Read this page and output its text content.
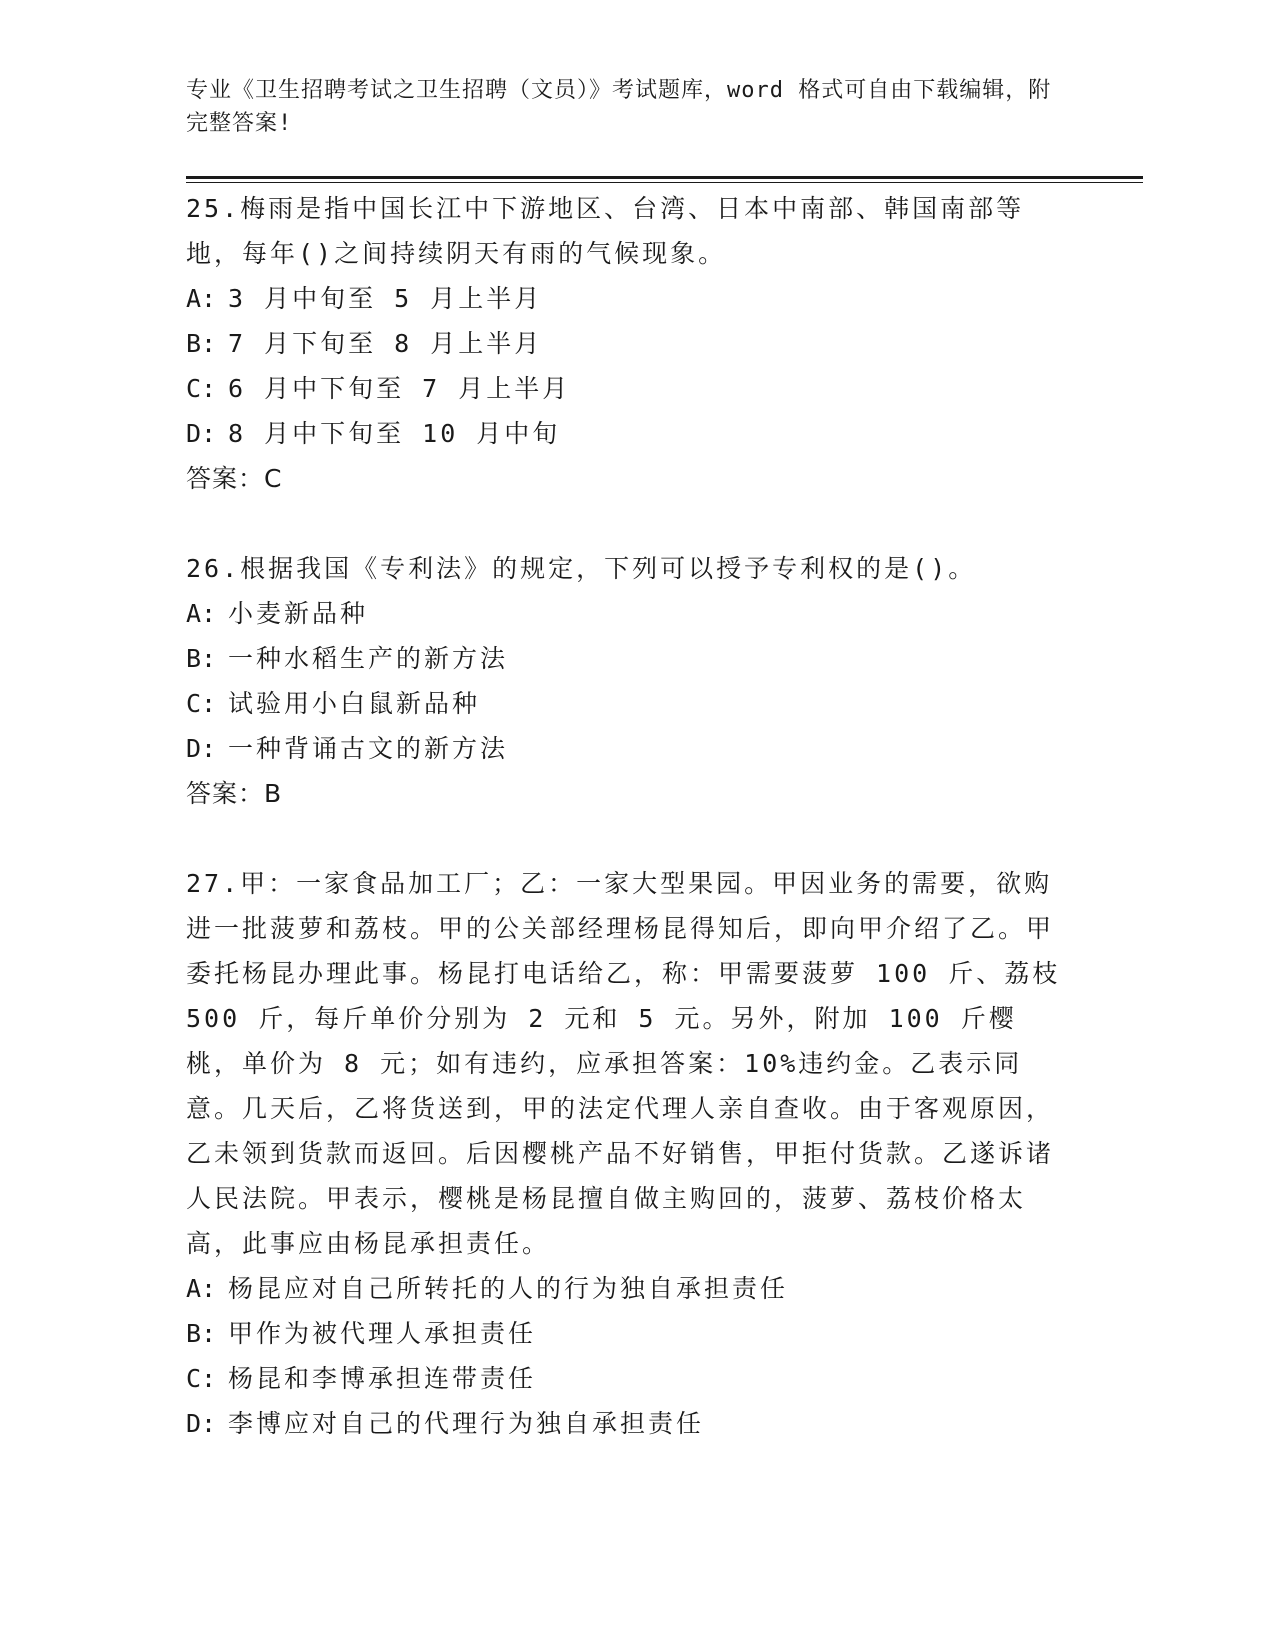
专业《卫生招聘考试之卫生招聘（文员）》考试题库，word 格式可自由下载编辑，附完整答案!

25.梅雨是指中国长江中下游地区、台湾、日本中南部、韩国南部等地，每年()之间持续阴天有雨的气候现象。

A: 3 月中旬至 5 月上半月

B: 7 月下旬至 8 月上半月

C: 6 月中下旬至 7 月上半月

D: 8 月中下旬至 10 月中旬

答案：C

26.根据我国《专利法》的规定，下列可以授予专利权的是()。

A: 小麦新品种

B: 一种水稻生产的新方法

C: 试验用小白鼠新品种

D: 一种背诵古文的新方法

答案：B

27.甲：一家食品加工厂；乙：一家大型果园。甲因业务的需要，欲购进一批菠萝和荔枝。甲的公关部经理杨昆得知后，即向甲介绍了乙。甲委托杨昆办理此事。杨昆打电话给乙，称：甲需要菠萝 100 斤、荔枝 500 斤，每斤单价分别为 2 元和 5 元。另外，附加 100 斤樱桃，单价为 8 元；如有违约，应承担答案：10%违约金。乙表示同意。几天后，乙将货送到，甲的法定代理人亲自查收。由于客观原因，乙未领到货款而返回。后因樱桃产品不好销售，甲拒付货款。乙遂诉诸人民法院。甲表示，樱桃是杨昆擅自做主购回的，菠萝、荔枝价格太高，此事应由杨昆承担责任。

A: 杨昆应对自己所转托的人的行为独自承担责任

B: 甲作为被代理人承担责任

C: 杨昆和李博承担连带责任

D: 李博应对自己的代理行为独自承担责任
